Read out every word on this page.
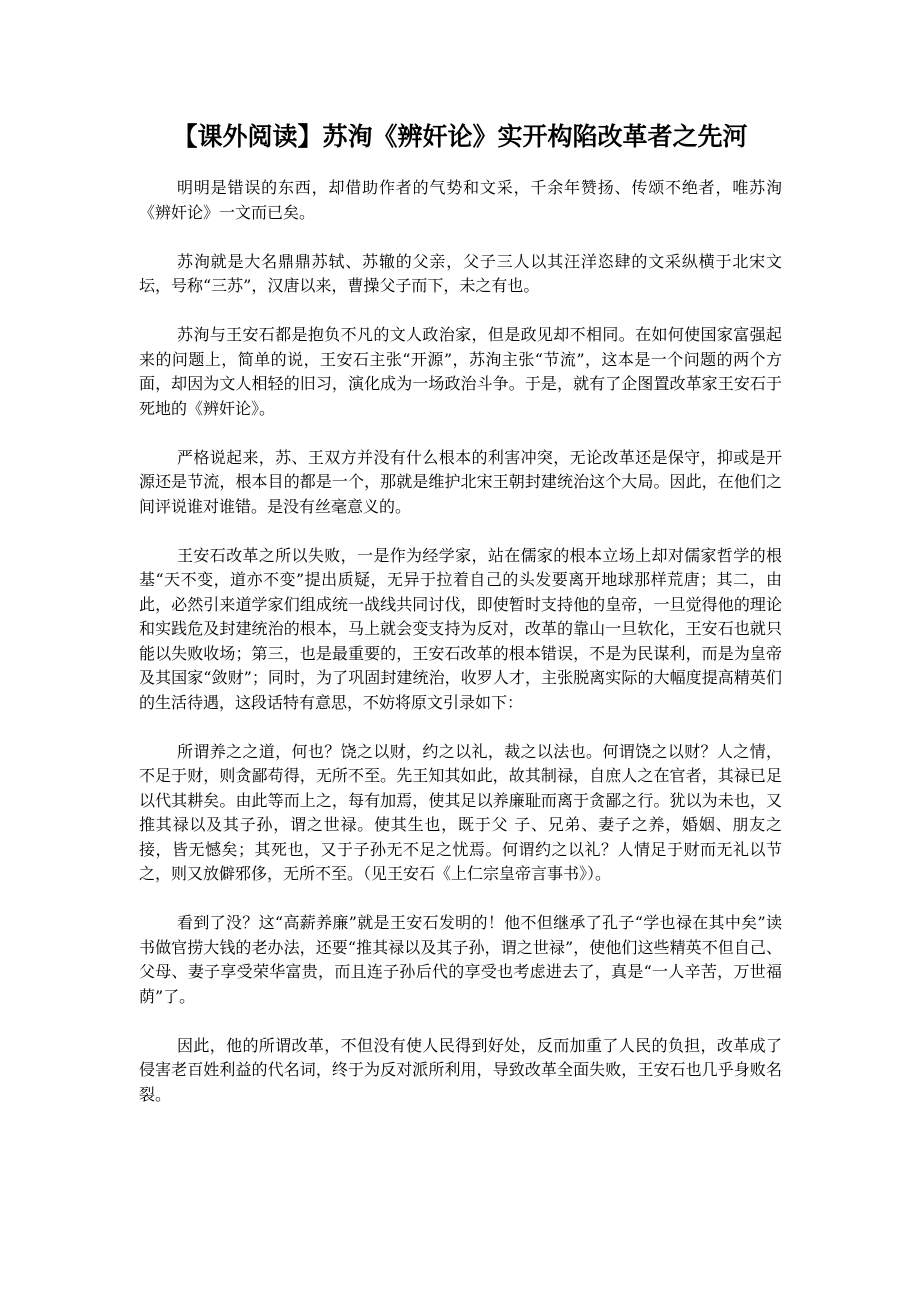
【课外阅读】苏洵《辨奸论》实开构陷改革者之先河

明明是错误的东西，却借助作者的气势和文采，千余年赞扬、传颂不绝者，唯苏洵《辨奸论》一文而已矣。

苏洵就是大名鼎鼎苏轼、苏辙的父亲，父子三人以其汪洋恣肆的文采纵横于北宋文坛，号称“三苏”，汉唐以来，曹操父子而下，未之有也。

苏洵与王安石都是抱负不凡的文人政治家，但是政见却不相同。在如何使国家富强起来的问题上，简单的说，王安石主张“开源”，苏洵主张“节流”，这本是一个问题的两个方面，却因为文人相轻的旧习，演化成为一场政治斗争。于是，就有了企图置改革家王安石于死地的《辨奸论》。

严格说起来，苏、王双方并没有什么根本的利害冲突，无论改革还是保守，抑或是开源还是节流，根本目的都是一个，那就是维护北宋王朝封建统治这个大局。因此，在他们之间评说谁对谁错。是没有丝毫意义的。

王安石改革之所以失败，一是作为经学家，站在儒家的根本立场上却对儒家哲学的根基“天不变，道亦不变”提出质疑，无异于拉着自己的头发要离开地球那样荒唐；其二，由此，必然引来道学家们组成统一战线共同讨伐，即使暂时支持他的皇帝，一旦觉得他的理论和实践危及封建统治的根本，马上就会变支持为反对，改革的靠山一旦软化，王安石也就只能以失败收场；第三，也是最重要的，王安石改革的根本错误，不是为民谋利，而是为皇帝及其国家“敛财”；同时，为了巩固封建统治，收罗人才，主张脱离实际的大幅度提高精英们的生活待遇，这段话特有意思，不妨将原文引录如下：

所谓养之之道，何也？饶之以财，约之以礼，裁之以法也。何谓饶之以财？人之情，不足于财，则贪鄙苟得，无所不至。先王知其如此，故其制禄，自庶人之在官者，其禄已足以代其耕矣。由此等而上之，每有加焉，使其足以养廉耻而离于贪鄙之行。犹以为未也，又推其禄以及其子孙，谓之世禄。使其生也，既于父 子、兄弟、妻子之养，婚姻、朋友之接，皆无憾矣；其死也，又于子孙无不足之忧焉。何谓约之以礼？人情足于财而无礼以节之，则又放僻邪侈，无所不至。（见王安石《上仁宗皇帝言事书》）。

看到了没？这“高薪养廉”就是王安石发明的！他不但继承了孔子“学也禄在其中矣”读书做官捞大钱的老办法，还要“推其禄以及其子孙，谓之世禄”，使他们这些精英不但自己、父母、妻子享受荣华富贵，而且连子孙后代的享受也考虑进去了，真是“一人辛苦，万世福荫”了。

因此，他的所谓改革，不但没有使人民得到好处，反而加重了人民的负担，改革成了侵害老百姓利益的代名词，终于为反对派所利用，导致改革全面失败，王安石也几乎身败名裂。
